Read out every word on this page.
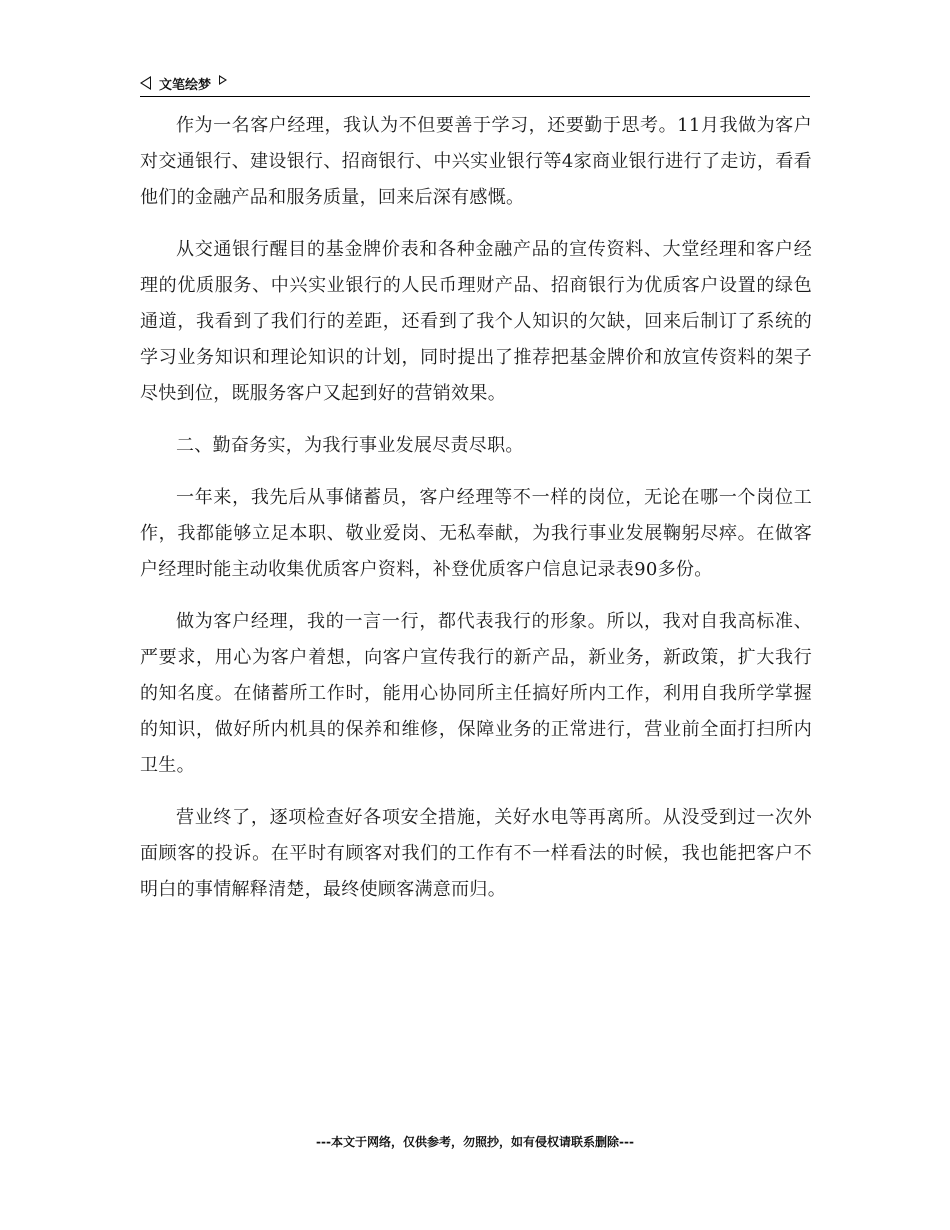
文笔绘梦

作为一名客户经理，我认为不但要善于学习，还要勤于思考。11月我做为客户对交通银行、建设银行、招商银行、中兴实业银行等4家商业银行进行了走访，看看他们的金融产品和服务质量，回来后深有感慨。

从交通银行醒目的基金牌价表和各种金融产品的宣传资料、大堂经理和客户经理的优质服务、中兴实业银行的人民币理财产品、招商银行为优质客户设置的绿色通道，我看到了我们行的差距，还看到了我个人知识的欠缺，回来后制订了系统的学习业务知识和理论知识的计划，同时提出了推荐把基金牌价和放宣传资料的架子尽快到位，既服务客户又起到好的营销效果。

二、勤奋务实，为我行事业发展尽责尽职。

一年来，我先后从事储蓄员，客户经理等不一样的岗位，无论在哪一个岗位工作，我都能够立足本职、敬业爱岗、无私奉献，为我行事业发展鞠躬尽瘁。在做客户经理时能主动收集优质客户资料，补登优质客户信息记录表90多份。

做为客户经理，我的一言一行，都代表我行的形象。所以，我对自我高标准、严要求，用心为客户着想，向客户宣传我行的新产品，新业务，新政策，扩大我行的知名度。在储蓄所工作时，能用心协同所主任搞好所内工作，利用自我所学掌握的知识，做好所内机具的保养和维修，保障业务的正常进行，营业前全面打扫所内卫生。

营业终了，逐项检查好各项安全措施，关好水电等再离所。从没受到过一次外面顾客的投诉。在平时有顾客对我们的工作有不一样看法的时候，我也能把客户不明白的事情解释清楚，最终使顾客满意而归。

---本文于网络，仅供参考，勿照抄，如有侵权请联系删除---
